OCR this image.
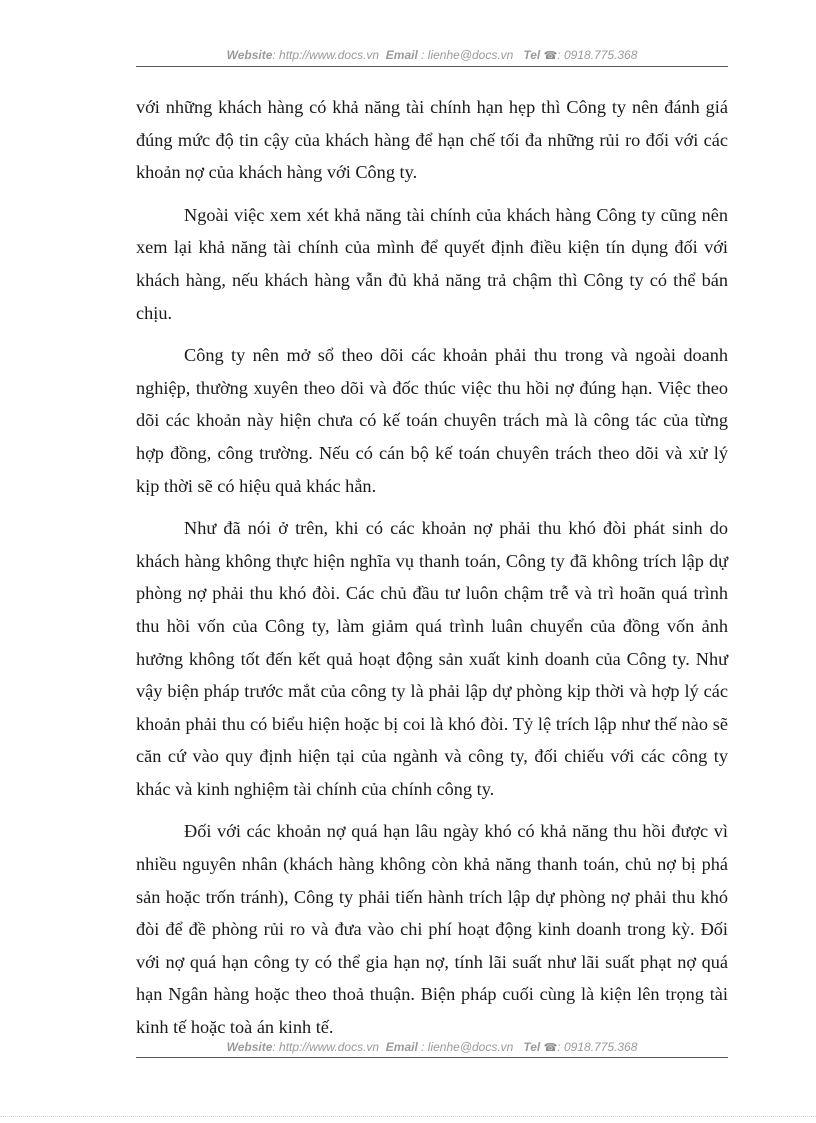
Website: http://www.docs.vn Email : lienhe@docs.vn Tel ☎: 0918.775.368

với những khách hàng có khả năng tài chính hạn hẹp thì Công ty nên đánh giá đúng mức độ tin cậy của khách hàng để hạn chế tối đa những rủi ro đối với các khoản nợ của khách hàng với Công ty.

Ngoài việc xem xét khả năng tài chính của khách hàng Công ty cũng nên xem lại khả năng tài chính của mình để quyết định điều kiện tín dụng đối với khách hàng, nếu khách hàng vẫn đủ khả năng trả chậm thì Công ty có thể bán chịu.

Công ty nên mở sổ theo dõi các khoản phải thu trong và ngoài doanh nghiệp, thường xuyên theo dõi và đốc thúc việc thu hồi nợ đúng hạn. Việc theo dõi các khoản này hiện chưa có kế toán chuyên trách mà là công tác của từng hợp đồng, công trường. Nếu có cán bộ kế toán chuyên trách theo dõi và xử lý kịp thời sẽ có hiệu quả khác hẳn.

Như đã nói ở trên, khi có các khoản nợ phải thu khó đòi phát sinh do khách hàng không thực hiện nghĩa vụ thanh toán, Công ty đã không trích lập dự phòng nợ phải thu khó đòi. Các chủ đầu tư luôn chậm trễ và trì hoãn quá trình thu hồi vốn của Công ty, làm giảm quá trình luân chuyển của đồng vốn ảnh hưởng không tốt đến kết quả hoạt động sản xuất kinh doanh của Công ty. Như vậy biện pháp trước mắt của công ty là phải lập dự phòng kịp thời và hợp lý các khoản phải thu có biểu hiện hoặc bị coi là khó đòi. Tỷ lệ trích lập như thế nào sẽ căn cứ vào quy định hiện tại của ngành và công ty, đối chiếu với các công ty khác và kinh nghiệm tài chính của chính công ty.

Đối với các khoản nợ quá hạn lâu ngày khó có khả năng thu hồi được vì nhiều nguyên nhân (khách hàng không còn khả năng thanh toán, chủ nợ bị phá sản hoặc trốn tránh), Công ty phải tiến hành trích lập dự phòng nợ phải thu khó đòi để đề phòng rủi ro và đưa vào chi phí hoạt động kinh doanh trong kỳ. Đối với nợ quá hạn công ty có thể gia hạn nợ, tính lãi suất như lãi suất phạt nợ quá hạn Ngân hàng hoặc theo thoả thuận. Biện pháp cuối cùng là kiện lên trọng tài kinh tế hoặc toà án kinh tế.

Website: http://www.docs.vn Email : lienhe@docs.vn Tel ☎: 0918.775.368
